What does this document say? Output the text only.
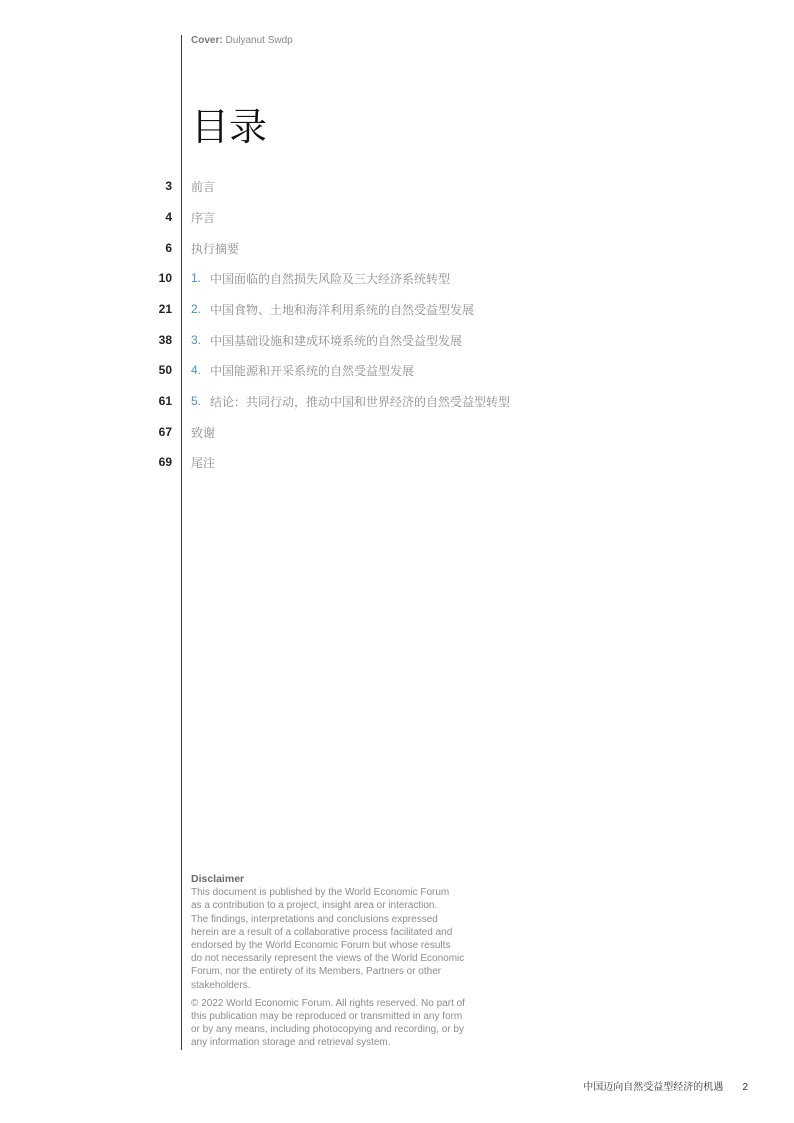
Cover: Dulyanut Swdp
目录
3 前言
4 序言
6 执行摘要
10 1. 中国面临的自然损失风险及三大经济系统转型
21 2. 中国食物、土地和海洋利用系统的自然受益型发展
38 3. 中国基础设施和建成环境系统的自然受益型发展
50 4. 中国能源和开采系统的自然受益型发展
61 5. 结论：共同行动，推动中国和世界经济的自然受益型转型
67 致谢
69 尾注

Disclaimer

This document is published by the World Economic Forum
as a contribution to a project, insight area or interaction.
The findings, interpretations and conclusions expressed
herein are a result of a collaborative process facilitated and
endorsed by the World Economic Forum but whose results
do not necessarily represent the views of the World Economic
Forum, nor the entirety of its Members, Partners or other
stakeholders.

© 2022 World Economic Forum. All rights reserved. No part of
this publication may be reproduced or transmitted in any form
or by any means, including photocopying and recording, or by
any information storage and retrieval system.

中国迈向自然受益型经济的机遇 2
